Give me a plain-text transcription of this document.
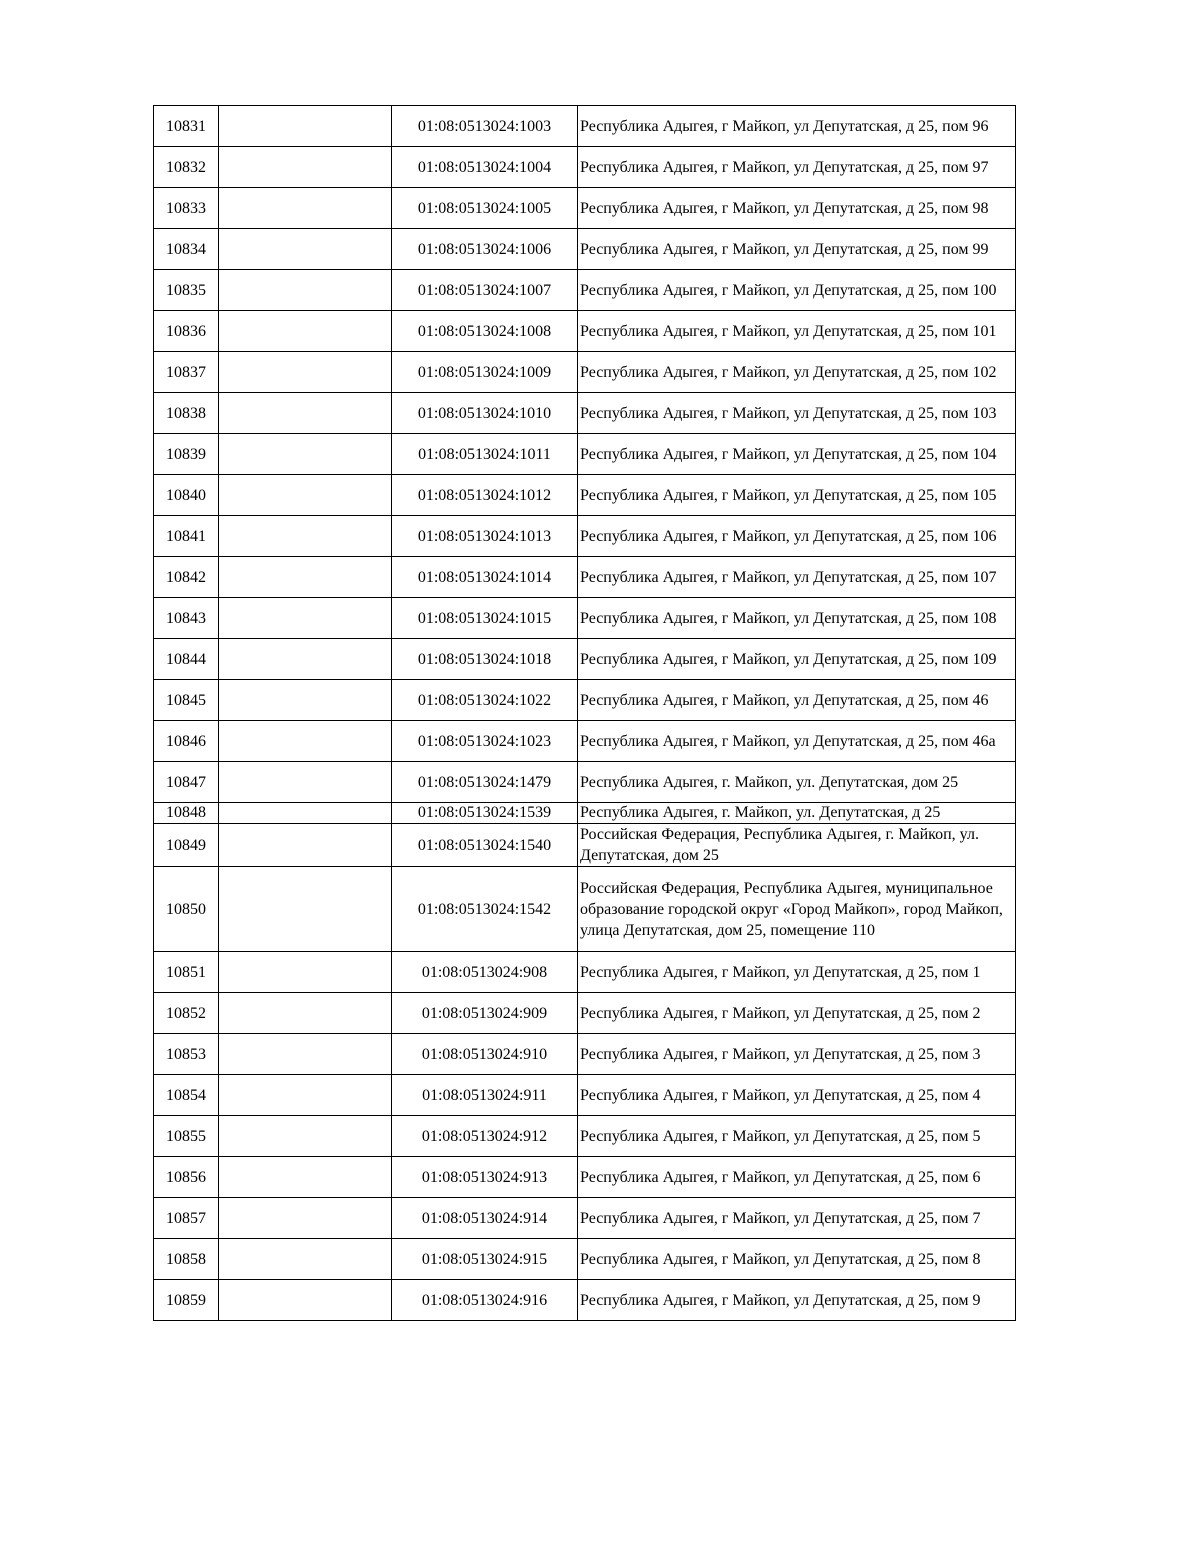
10831		01:08:0513024:1003	Республика Адыгея, г Майкоп, ул Депутатская, д 25, пом 96
10832		01:08:0513024:1004	Республика Адыгея, г Майкоп, ул Депутатская, д 25, пом 97
10833		01:08:0513024:1005	Республика Адыгея, г Майкоп, ул Депутатская, д 25, пом 98
10834		01:08:0513024:1006	Республика Адыгея, г Майкоп, ул Депутатская, д 25, пом 99
10835		01:08:0513024:1007	Республика Адыгея, г Майкоп, ул Депутатская, д 25, пом 100
10836		01:08:0513024:1008	Республика Адыгея, г Майкоп, ул Депутатская, д 25, пом 101
10837		01:08:0513024:1009	Республика Адыгея, г Майкоп, ул Депутатская, д 25, пом 102
10838		01:08:0513024:1010	Республика Адыгея, г Майкоп, ул Депутатская, д 25, пом 103
10839		01:08:0513024:1011	Республика Адыгея, г Майкоп, ул Депутатская, д 25, пом 104
10840		01:08:0513024:1012	Республика Адыгея, г Майкоп, ул Депутатская, д 25, пом 105
10841		01:08:0513024:1013	Республика Адыгея, г Майкоп, ул Депутатская, д 25, пом 106
10842		01:08:0513024:1014	Республика Адыгея, г Майкоп, ул Депутатская, д 25, пом 107
10843		01:08:0513024:1015	Республика Адыгея, г Майкоп, ул Депутатская, д 25, пом 108
10844		01:08:0513024:1018	Республика Адыгея, г Майкоп, ул Депутатская, д 25, пом 109
10845		01:08:0513024:1022	Республика Адыгея, г Майкоп, ул Депутатская, д 25, пом 46
10846		01:08:0513024:1023	Республика Адыгея, г Майкоп, ул Депутатская, д 25, пом 46а
10847		01:08:0513024:1479	Республика Адыгея, г. Майкоп, ул. Депутатская, дом 25
10848		01:08:0513024:1539	Республика Адыгея, г. Майкоп, ул. Депутатская, д 25
10849		01:08:0513024:1540	Российская Федерация, Республика Адыгея, г. Майкоп, ул. Депутатская, дом 25
10850		01:08:0513024:1542	Российская Федерация, Республика Адыгея, муниципальное образование городской округ «Город Майкоп», город Майкоп, улица Депутатская, дом 25, помещение 110
10851		01:08:0513024:908	Республика Адыгея, г Майкоп, ул Депутатская, д 25, пом 1
10852		01:08:0513024:909	Республика Адыгея, г Майкоп, ул Депутатская, д 25, пом 2
10853		01:08:0513024:910	Республика Адыгея, г Майкоп, ул Депутатская, д 25, пом 3
10854		01:08:0513024:911	Республика Адыгея, г Майкоп, ул Депутатская, д 25, пом 4
10855		01:08:0513024:912	Республика Адыгея, г Майкоп, ул Депутатская, д 25, пом 5
10856		01:08:0513024:913	Республика Адыгея, г Майкоп, ул Депутатская, д 25, пом 6
10857		01:08:0513024:914	Республика Адыгея, г Майкоп, ул Депутатская, д 25, пом 7
10858		01:08:0513024:915	Республика Адыгея, г Майкоп, ул Депутатская, д 25, пом 8
10859		01:08:0513024:916	Республика Адыгея, г Майкоп, ул Депутатская, д 25, пом 9
